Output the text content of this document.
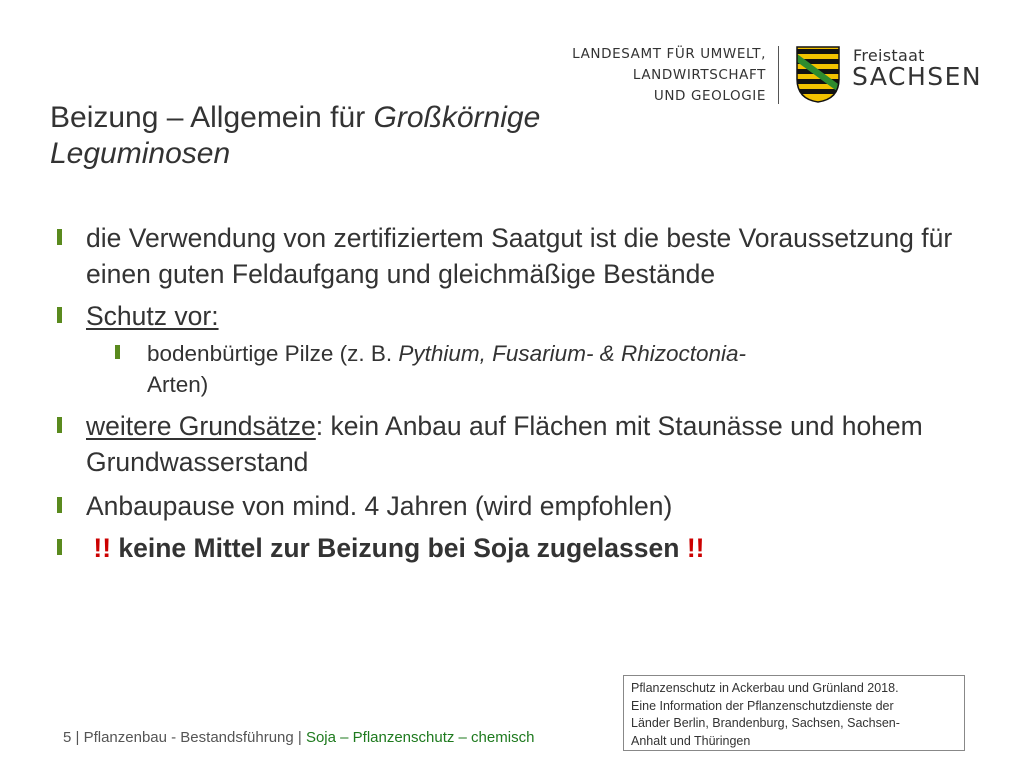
LANDESAMT FÜR UMWELT,
LANDWIRTSCHAFT
UND GEOLOGIE
Freistaat
SACHSEN
Beizung – Allgemein für Großkörnige Leguminosen
die Verwendung von zertifiziertem Saatgut ist die beste Voraussetzung für einen guten Feldaufgang und gleichmäßige Bestände
Schutz vor:
bodenbürtige Pilze (z. B. Pythium, Fusarium- & Rhizoctonia-
Arten)
weitere Grundsätze: kein Anbau auf Flächen mit Staunässe und hohem Grundwasserstand
Anbaupause von mind. 4 Jahren (wird empfohlen)
!! keine Mittel zur Beizung bei Soja zugelassen !!
5 | Pflanzenbau - Bestandsführung | Soja – Pflanzenschutz – chemisch
Pflanzenschutz in Ackerbau und Grünland 2018.
Eine Information der Pflanzenschutzdienste der
Länder Berlin, Brandenburg, Sachsen, Sachsen-
Anhalt und Thüringen
